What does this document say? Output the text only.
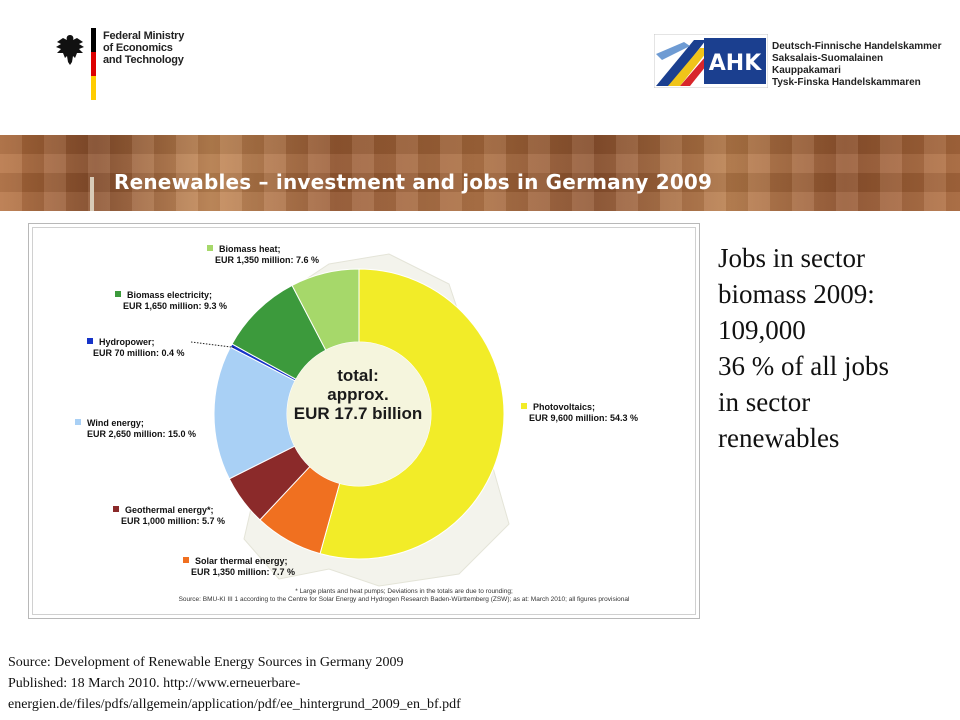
Federal Ministry
of Economics
and Technology	AHK
Deutsch-Finnische Handelskammer
Saksalais-Suomalainen Kauppakamari
Tysk-Finska Handelskammaren
Renewables – investment and jobs in Germany 2009
Biomass heat;
EUR 1,350 million: 7.6 %
Biomass electricity;
EUR 1,650 million: 9.3 %
Hydropower;
EUR 70 million: 0.4 %
Wind energy;
EUR 2,650 million: 15.0 %
Geothermal energy*;
EUR 1,000 million: 5.7 %
Solar thermal energy;
EUR 1,350 million: 7.7 %
Photovoltaics;
EUR 9,600 million: 54.3 %
total:
approx.
EUR 17.7 billion
* Large plants and heat pumps; Deviations in the totals are due to rounding;
Source: BMU-KI III 1 according to the Centre for Solar Energy and Hydrogen Research Baden-Württemberg (ZSW); as at: March 2010; all figures provisional
Jobs in sector
biomass 2009:
109,000
36 % of all jobs
in sector
renewables
Source: Development of Renewable Energy Sources in Germany 2009
Published: 18 March 2010. http://www.erneuerbare-
energien.de/files/pdfs/allgemein/application/pdf/ee_hintergrund_2009_en_bf.pdf
